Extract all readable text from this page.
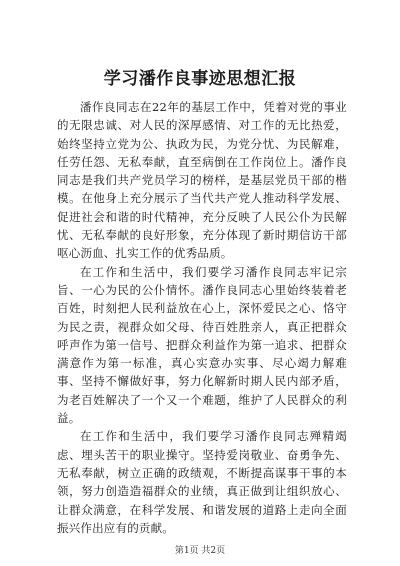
学习潘作良事迹思想汇报

潘作良同志在22年的基层工作中，凭着对党的事业的无限忠诚、对人民的深厚感情、对工作的无比热爱，始终坚持立党为公、执政为民，为党分忧、为民解难，任劳任怨、无私奉献，直至病倒在工作岗位上。潘作良同志是我们共产党员学习的榜样，是基层党员干部的楷模。在他身上充分展示了当代共产党人推动科学发展、促进社会和谐的时代精神，充分反映了人民公仆为民解忧、无私奉献的良好形象，充分体现了新时期信访干部呕心沥血、扎实工作的优秀品质。

在工作和生活中，我们要学习潘作良同志牢记宗旨、一心为民的公仆情怀。潘作良同志心里始终装着老百姓，时刻把人民利益放在心上，深怀爱民之心、恪守为民之责，视群众如父母、待百姓胜亲人，真正把群众呼声作为第一信号、把群众利益作为第一追求、把群众满意作为第一标准，真心实意办实事、尽心竭力解难事、坚持不懈做好事，努力化解新时期人民内部矛盾，为老百姓解决了一个又一个难题，维护了人民群众的利益。

在工作和生活中，我们要学习潘作良同志殚精竭虑、埋头苦干的职业操守。坚持爱岗敬业、奋勇争先、无私奉献，树立正确的政绩观，不断提高谋事干事的本领，努力创造造福群众的业绩，真正做到让组织放心、让群众满意，在科学发展、和谐发展的道路上走向全面振兴作出应有的贡献。

第1页 共2页
